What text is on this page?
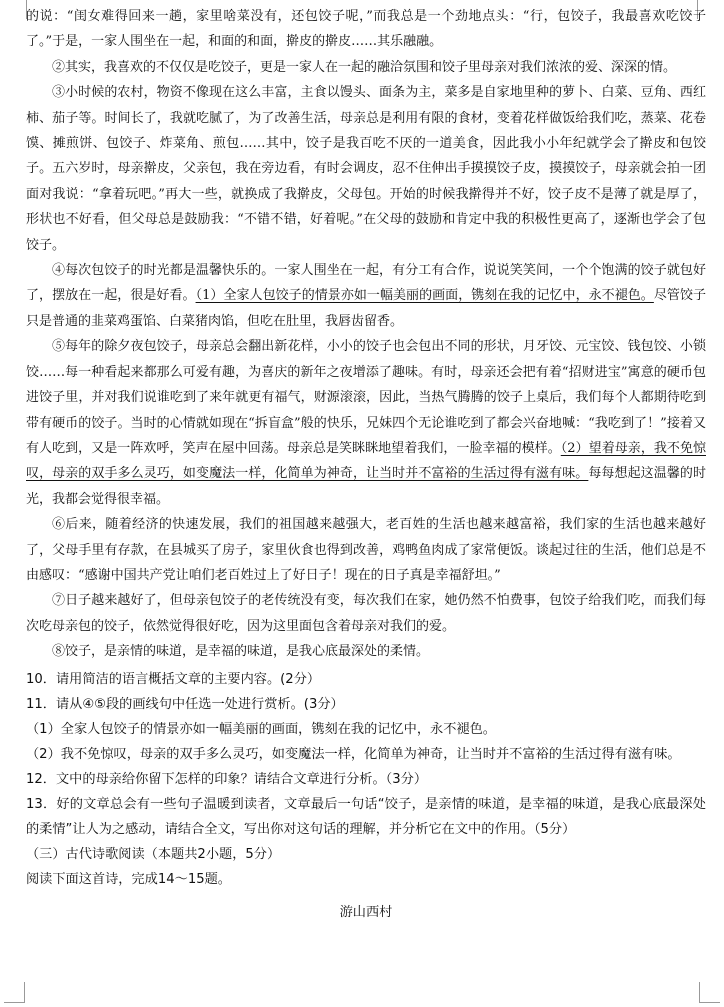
的说：“闺女难得回来一趟，家里啥菜没有，还包饺子呢，”而我总是一个劲地点头：“行，包饺子，我最喜欢吃饺子了。”于是，一家人围坐在一起，和面的和面，擀皮的擀皮……其乐融融。

②其实，我喜欢的不仅仅是吃饺子，更是一家人在一起的融洽氛围和饺子里母亲对我们浓浓的爱、深深的情。

③小时候的农村，物资不像现在这么丰富，主食以馒头、面条为主，菜多是自家地里种的萝卜、白菜、豆角、西红柿、茄子等。时间长了，我就吃腻了，为了改善生活，母亲总是利用有限的食材，变着花样做饭给我们吃，蒸菜、花卷馍、摊煎饼、包饺子、炸菜角、煎包……其中，饺子是我百吃不厌的一道美食，因此我小小年纪就学会了擀皮和包饺子。五六岁时，母亲擀皮，父亲包，我在旁边看，有时会调皮，忍不住伸出手摸摸饺子皮，摸摸饺子，母亲就会拍一团面对我说：“拿着玩吧。”再大一些，就换成了我擀皮，父母包。开始的时候我擀得并不好，饺子皮不是薄了就是厚了，形状也不好看，但父母总是鼓励我：“不错不错，好着呢。”在父母的鼓励和肯定中我的积极性更高了，逐渐也学会了包饺子。

④每次包饺子的时光都是温馨快乐的。一家人围坐在一起，有分工有合作，说说笑笑间，一个个饱满的饺子就包好了，摆放在一起，很是好看。（1）全家人包饺子的情景亦如一幅美丽的画面，镌刻在我的记忆中，永不褪色。尽管饺子只是普通的韭菜鸡蛋馅、白菜猪肉馅，但吃在肚里，我唇齿留香。

⑤每年的除夕夜包饺子，母亲总会翻出新花样，小小的饺子也会包出不同的形状，月牙饺、元宝饺、钱包饺、小锁饺……每一种看起来都那么可爱有趣，为喜庆的新年之夜增添了趣味。有时，母亲还会把有着“招财进宝”寓意的硬币包进饺子里，并对我们说谁吃到了来年就更有福气，财源滚滚，因此，当热气腾腾的饺子上桌后，我们每个人都期待吃到带有硬币的饺子。当时的心情就如现在“拆盲盒”般的快乐，兄妹四个无论谁吃到了都会兴奋地喊：“我吃到了！”接着又有人吃到，又是一阵欢呼，笑声在屋中回荡。母亲总是笑眯眯地望着我们，一脸幸福的模样。（2）望着母亲，我不免惊叹，母亲的双手多么灵巧，如变魔法一样，化简单为神奇，让当时并不富裕的生活过得有滋有味。每每想起这温馨的时光，我都会觉得很幸福。

⑥后来，随着经济的快速发展，我们的祖国越来越强大，老百姓的生活也越来越富裕，我们家的生活也越来越好了，父母手里有存款，在县城买了房子，家里伙食也得到改善，鸡鸭鱼肉成了家常便饭。谈起过往的生活，他们总是不由感叹：“感谢中国共产党让咱们老百姓过上了好日子！现在的日子真是幸福舒坦。”

⑦日子越来越好了，但母亲包饺子的老传统没有变，每次我们在家，她仍然不怕费事，包饺子给我们吃，而我们每次吃母亲包的饺子，依然觉得很好吃，因为这里面包含着母亲对我们的爱。

⑧饺子，是亲情的味道，是幸福的味道，是我心底最深处的柔情。

10．请用简洁的语言概括文章的主要内容。(2分）

11．请从④⑤段的画线句中任选一处进行赏析。(3分）

（1）全家人包饺子的情景亦如一幅美丽的画面，镌刻在我的记忆中，永不褪色。

（2）我不免惊叹，母亲的双手多么灵巧，如变魔法一样，化简单为神奇，让当时并不富裕的生活过得有滋有味。

12．文中的母亲给你留下怎样的印象？请结合文章进行分析。（3分）

13．好的文章总会有一些句子温暖到读者，文章最后一句话“饺子，是亲情的味道，是幸福的味道，是我心底最深处的柔情”让人为之感动，请结合全文，写出你对这句话的理解，并分析它在文中的作用。（5分）

（三）古代诗歌阅读（本题共2小题，5分）

阅读下面这首诗，完成14～15题。

游山西村
